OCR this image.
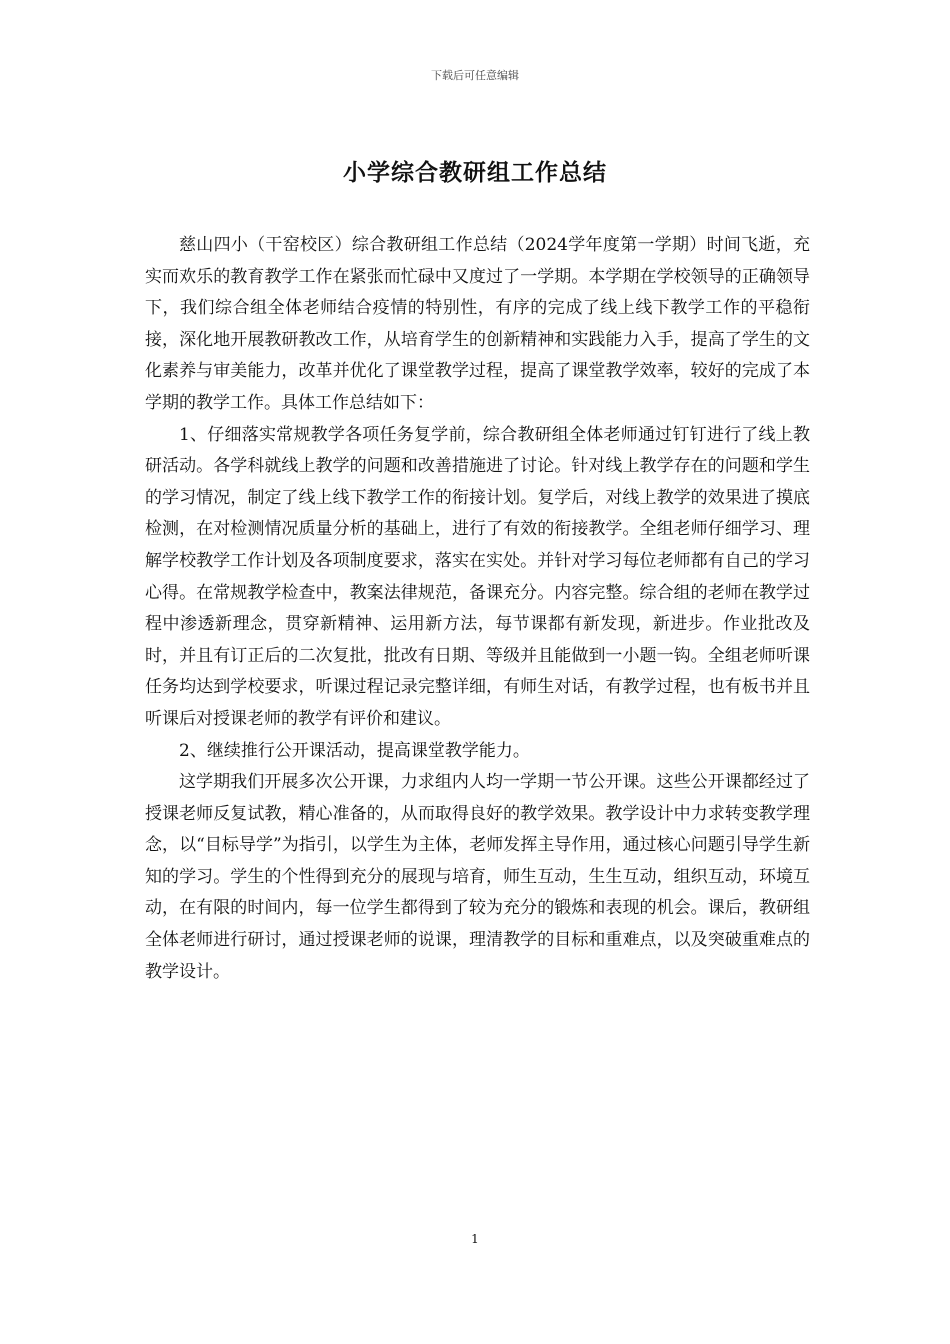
下载后可任意编辑
小学综合教研组工作总结

慈山四小（干窑校区）综合教研组工作总结（2024学年度第一学期）时间飞逝，充实而欢乐的教育教学工作在紧张而忙碌中又度过了一学期。本学期在学校领导的正确领导下，我们综合组全体老师结合疫情的特别性，有序的完成了线上线下教学工作的平稳衔接，深化地开展教研教改工作，从培育学生的创新精神和实践能力入手，提高了学生的文化素养与审美能力，改革并优化了课堂教学过程，提高了课堂教学效率，较好的完成了本学期的教学工作。具体工作总结如下：

1、仔细落实常规教学各项任务复学前，综合教研组全体老师通过钉钉进行了线上教研活动。各学科就线上教学的问题和改善措施进了讨论。针对线上教学存在的问题和学生的学习情况，制定了线上线下教学工作的衔接计划。复学后，对线上教学的效果进了摸底检测，在对检测情况质量分析的基础上，进行了有效的衔接教学。全组老师仔细学习、理解学校教学工作计划及各项制度要求，落实在实处。并针对学习每位老师都有自己的学习心得。在常规教学检查中，教案法律规范，备课充分。内容完整。综合组的老师在教学过程中渗透新理念，贯穿新精神、运用新方法，每节课都有新发现，新进步。作业批改及时，并且有订正后的二次复批，批改有日期、等级并且能做到一小题一钩。全组老师听课任务均达到学校要求，听课过程记录完整详细，有师生对话，有教学过程，也有板书并且听课后对授课老师的教学有评价和建议。

2、继续推行公开课活动，提高课堂教学能力。

这学期我们开展多次公开课，力求组内人均一学期一节公开课。这些公开课都经过了授课老师反复试教，精心准备的，从而取得良好的教学效果。教学设计中力求转变教学理念，以“目标导学”为指引，以学生为主体，老师发挥主导作用，通过核心问题引导学生新知的学习。学生的个性得到充分的展现与培育，师生互动，生生互动，组织互动，环境互动，在有限的时间内，每一位学生都得到了较为充分的锻炼和表现的机会。课后，教研组全体老师进行研讨，通过授课老师的说课，理清教学的目标和重难点，以及突破重难点的教学设计。

1
